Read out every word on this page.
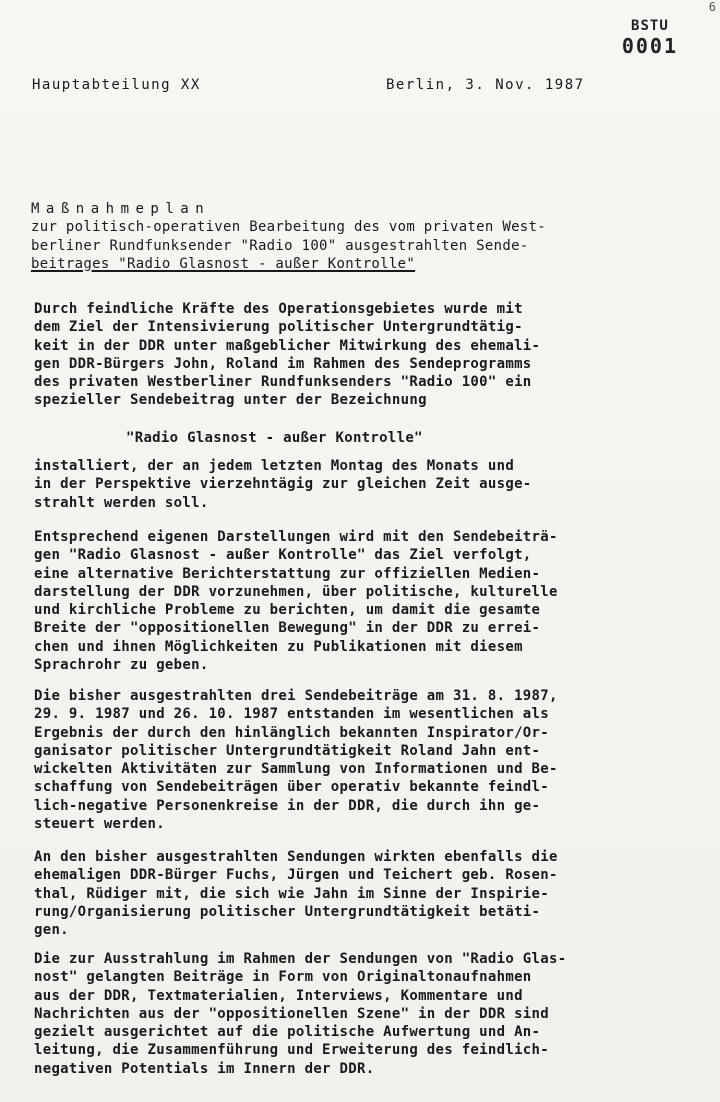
6
BSTU
0001
Hauptabteilung XX	Berlin, 3. Nov. 1987
Maßnahmeplan
zur politisch-operativen Bearbeitung des vom privaten West-
berliner Rundfunksender "Radio 100" ausgestrahlten Sende-
beitrages "Radio Glasnost - außer Kontrolle"
Durch feindliche Kräfte des Operationsgebietes wurde mit
dem Ziel der Intensivierung politischer Untergrundtätig-
keit in der DDR unter maßgeblicher Mitwirkung des ehemali-
gen DDR-Bürgers John, Roland im Rahmen des Sendeprogramms
des privaten Westberliner Rundfunksenders "Radio 100" ein
spezieller Sendebeitrag unter der Bezeichnung
"Radio Glasnost - außer Kontrolle"
installiert, der an jedem letzten Montag des Monats und
in der Perspektive vierzehntägig zur gleichen Zeit ausge-
strahlt werden soll.
Entsprechend eigenen Darstellungen wird mit den Sendebeiträ-
gen "Radio Glasnost - außer Kontrolle" das Ziel verfolgt,
eine alternative Berichterstattung zur offiziellen Medien-
darstellung der DDR vorzunehmen, über politische, kulturelle
und kirchliche Probleme zu berichten, um damit die gesamte
Breite der "oppositionellen Bewegung" in der DDR zu errei-
chen und ihnen Möglichkeiten zu Publikationen mit diesem
Sprachrohr zu geben.
Die bisher ausgestrahlten drei Sendebeiträge am 31. 8. 1987,
29. 9. 1987 und 26. 10. 1987 entstanden im wesentlichen als
Ergebnis der durch den hinlänglich bekannten Inspirator/Or-
ganisator politischer Untergrundtätigkeit Roland Jahn ent-
wickelten Aktivitäten zur Sammlung von Informationen und Be-
schaffung von Sendebeiträgen über operativ bekannte feindl-
lich-negative Personenkreise in der DDR, die durch ihn ge-
steuert werden.
An den bisher ausgestrahlten Sendungen wirkten ebenfalls die
ehemaligen DDR-Bürger Fuchs, Jürgen und Teichert geb. Rosen-
thal, Rüdiger mit, die sich wie Jahn im Sinne der Inspirie-
rung/Organisierung politischer Untergrundtätigkeit betäti-
gen.
Die zur Ausstrahlung im Rahmen der Sendungen von "Radio Glas-
nost" gelangten Beiträge in Form von Originaltonaufnahmen
aus der DDR, Textmaterialien, Interviews, Kommentare und
Nachrichten aus der "oppositionellen Szene" in der DDR sind
gezielt ausgerichtet auf die politische Aufwertung und An-
leitung, die Zusammenführung und Erweiterung des feindlich-
negativen Potentials im Innern der DDR.
